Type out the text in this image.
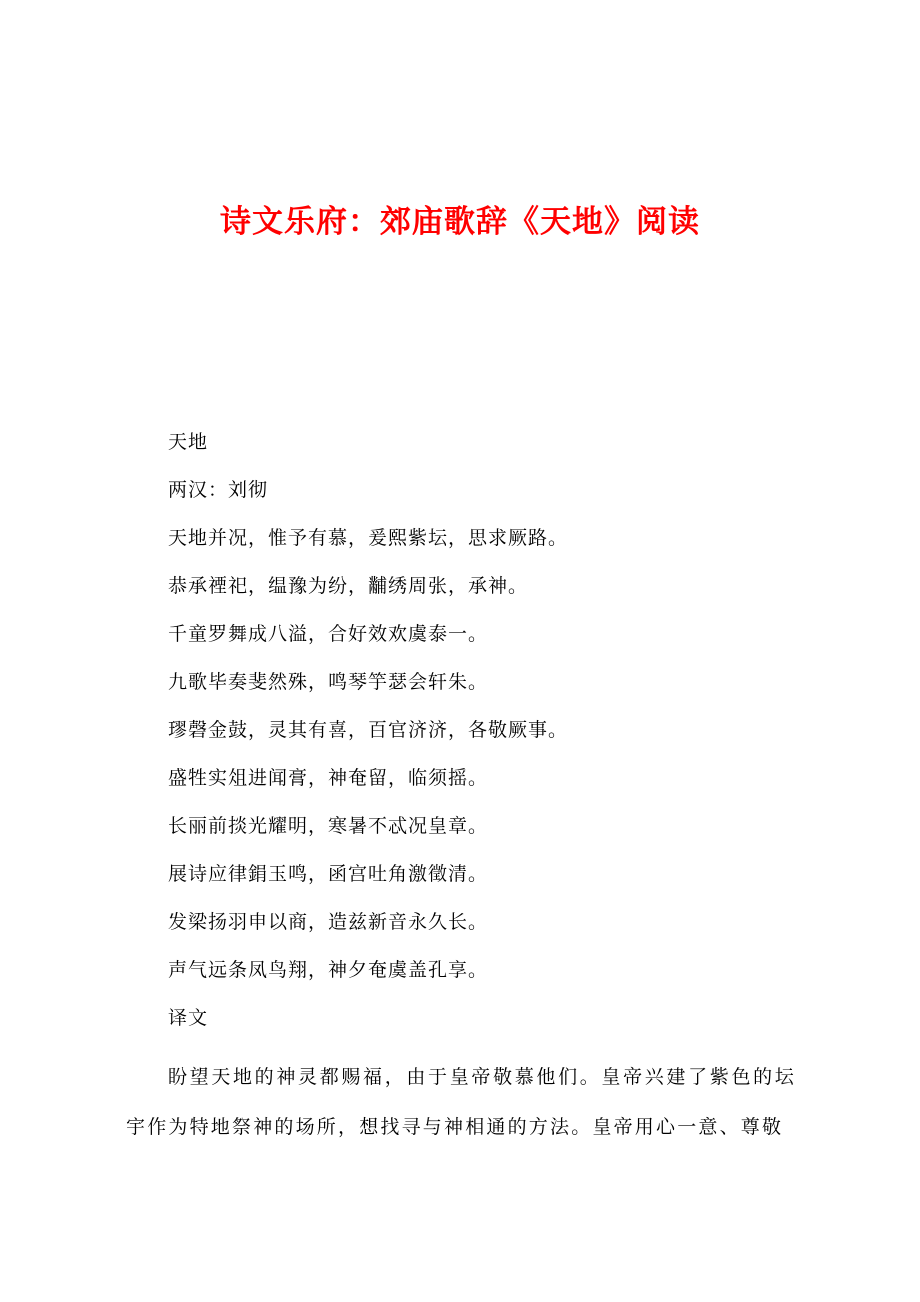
诗文乐府：郊庙歌辞《天地》阅读
天地
两汉：刘彻
天地并况，惟予有慕，爰熙紫坛，思求厥路。
恭承禋祀，缊豫为纷，黼绣周张，承神。
千童罗舞成八溢，合好效欢虞泰一。
九歌毕奏斐然殊，鸣琴竽瑟会轩朱。
璆磬金鼓，灵其有喜，百官济济，各敬厥事。
盛牲实俎进闻膏，神奄留，临须摇。
长丽前掞光耀明，寒暑不忒况皇章。
展诗应律鋗玉鸣，函宫吐角激徵清。
发梁扬羽申以商，造兹新音永久长。
声气远条凤鸟翔，神夕奄虞盖孔享。
译文
盼望天地的神灵都赐福，由于皇帝敬慕他们。皇帝兴建了紫色的坛宇作为特地祭神的场所，想找寻与神相通的方法。皇帝用心一意、尊敬
